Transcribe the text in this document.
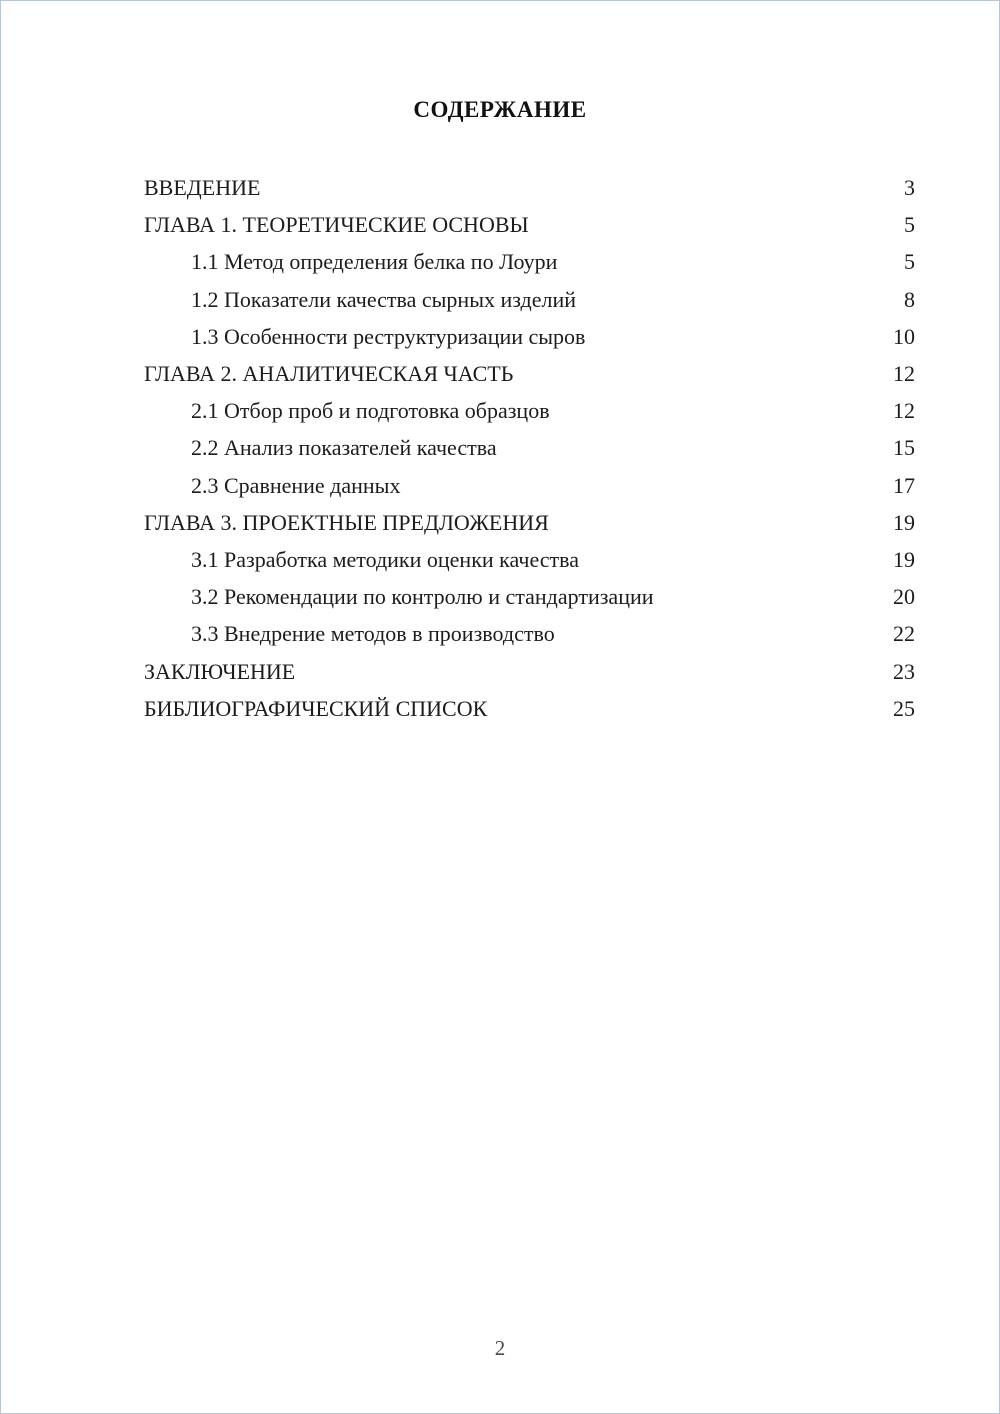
СОДЕРЖАНИЕ
ВВЕДЕНИЕ	3
ГЛАВА 1. ТЕОРЕТИЧЕСКИЕ ОСНОВЫ	5
1.1 Метод определения белка по Лоури	5
1.2 Показатели качества сырных изделий	8
1.3 Особенности реструктуризации сыров	10
ГЛАВА 2. АНАЛИТИЧЕСКАЯ ЧАСТЬ	12
2.1 Отбор проб и подготовка образцов	12
2.2 Анализ показателей качества	15
2.3 Сравнение данных	17
ГЛАВА 3. ПРОЕКТНЫЕ ПРЕДЛОЖЕНИЯ	19
3.1 Разработка методики оценки качества	19
3.2 Рекомендации по контролю и стандартизации	20
3.3 Внедрение методов в производство	22
ЗАКЛЮЧЕНИЕ	23
БИБЛИОГРАФИЧЕСКИЙ СПИСОК	25
2
